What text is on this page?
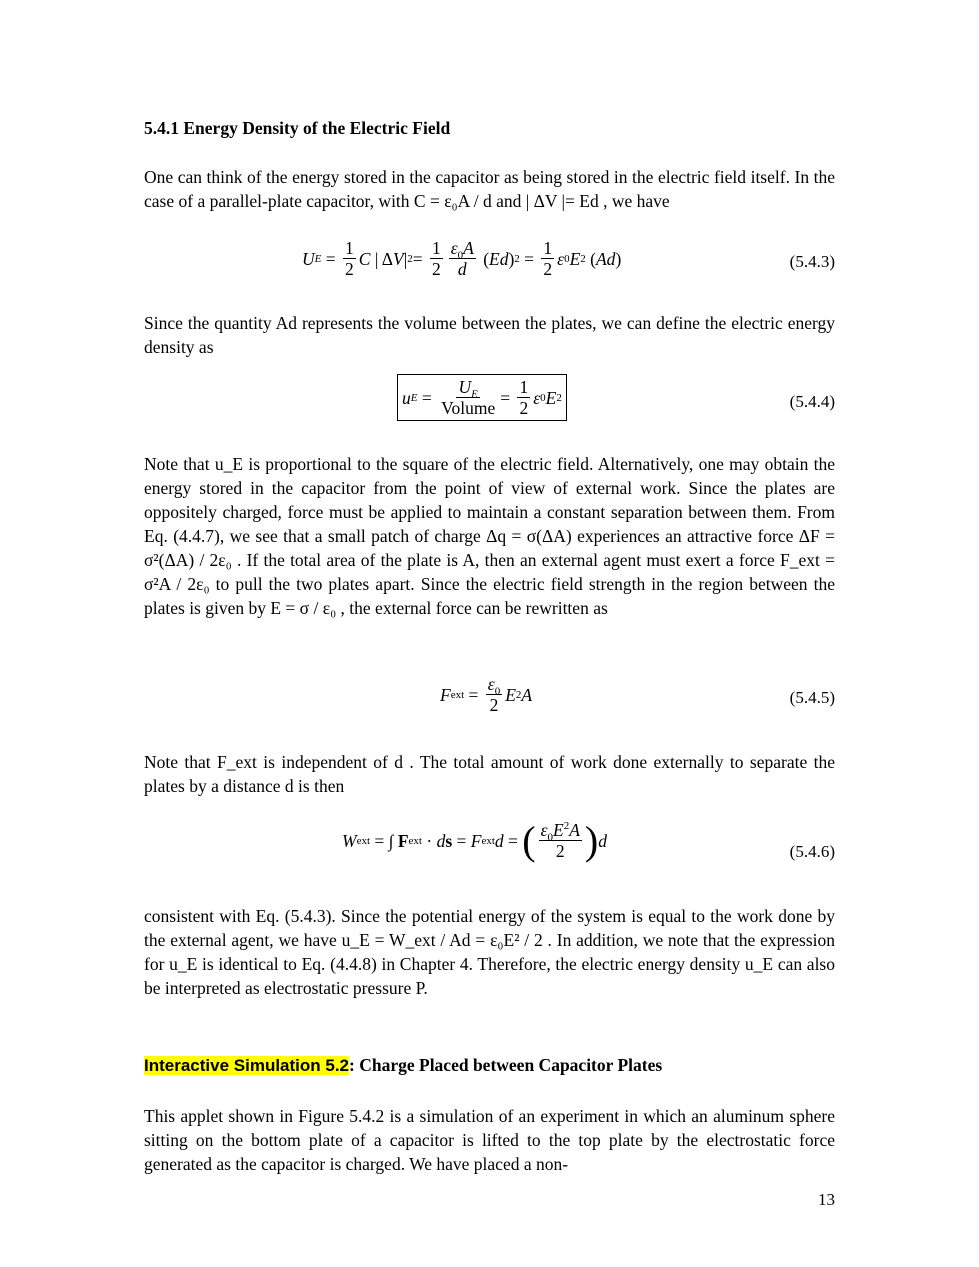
5.4.1 Energy Density of the Electric Field

One can think of the energy stored in the capacitor as being stored in the electric field itself. In the case of a parallel-plate capacitor, with C = ε₀A / d and | ΔV |= Ed , we have

U $E = \frac{1}{2}$ C | Δ V | $2 = \frac{1}{2} \frac{\varepsilon_0A}{d}$ ( Ed ) $2 = \frac{1}{2}$ ε 0 E 2 ( Ad )	(5.4.3)

Since the quantity Ad represents the volume between the plates, we can define the electric energy density as

u $E = \frac{U_E}{\text{Volume}} = \frac{1}{2}$ ε 0 E 2	(5.4.4)

Note that u_E is proportional to the square of the electric field. Alternatively, one may obtain the energy stored in the capacitor from the point of view of external work. Since the plates are oppositely charged, force must be applied to maintain a constant separation between them. From Eq. (4.4.7), we see that a small patch of charge Δq = σ(ΔA) experiences an attractive force ΔF = σ²(ΔA) / 2ε₀ . If the total area of the plate is A, then an external agent must exert a force F_ext = σ²A / 2ε₀ to pull the two plates apart. Since the electric field strength in the region between the plates is given by E = σ / ε₀ , the external force can be rewritten as

F ext = $\frac{\varepsilon_0}{2}$ E 2 A	(5.4.5)

Note that F_ext is independent of d . The total amount of work done externally to separate the plates by a distance d is then

W ext = ∫ F ext · d s = F ext d = ( $\frac{\varepsilon_0E^2A}{2}$ ) d
(5.4.6)

consistent with Eq. (5.4.3). Since the potential energy of the system is equal to the work done by the external agent, we have u_E = W_ext / Ad = ε₀E² / 2 . In addition, we note that the expression for u_E is identical to Eq. (4.4.8) in Chapter 4. Therefore, the electric energy density u_E can also be interpreted as electrostatic pressure P.

Interactive Simulation 5.2: Charge Placed between Capacitor Plates

This applet shown in Figure 5.4.2 is a simulation of an experiment in which an aluminum sphere sitting on the bottom plate of a capacitor is lifted to the top plate by the electrostatic force generated as the capacitor is charged. We have placed a non-

13
